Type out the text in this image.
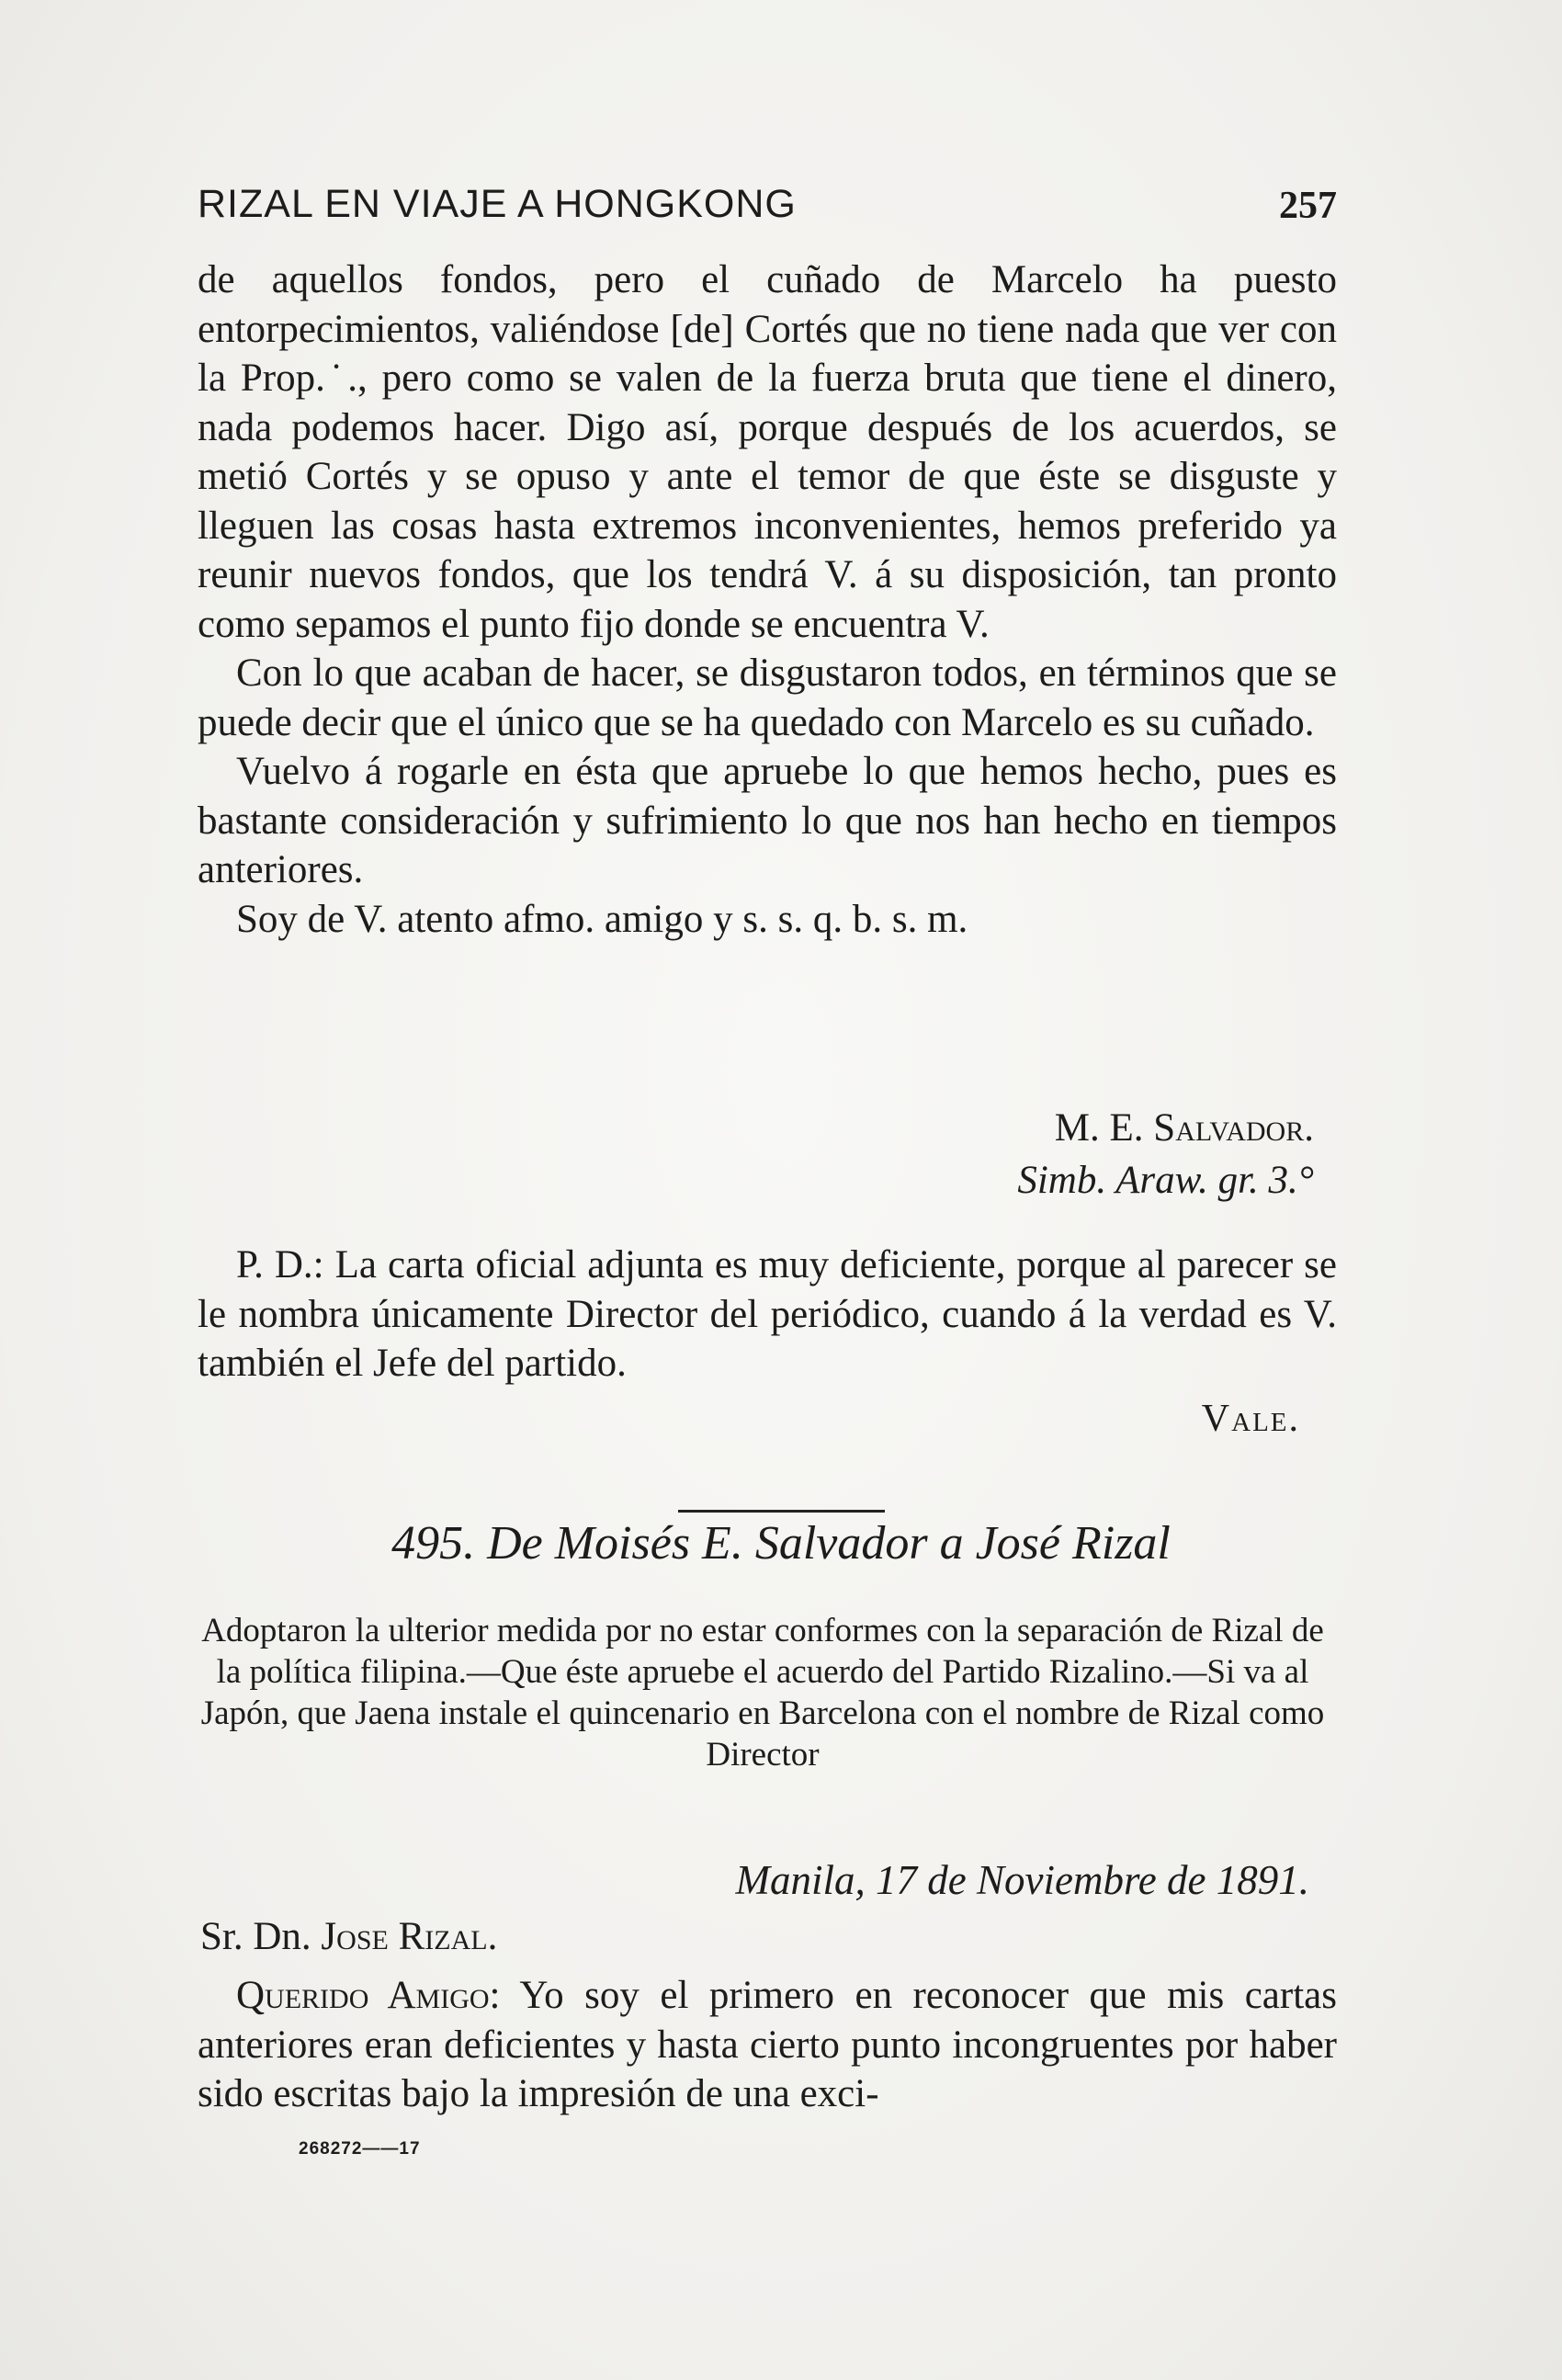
RIZAL EN VIAJE A HONGKONG	257

de aquellos fondos, pero el cuñado de Marcelo ha puesto entorpecimientos, valiéndose [de] Cortés que no tiene nada que ver con la Prop.˙., pero como se valen de la fuerza bruta que tiene el dinero, nada podemos hacer. Digo así, porque después de los acuerdos, se metió Cortés y se opuso y ante el temor de que éste se disguste y lleguen las cosas hasta extremos inconvenientes, hemos preferido ya reunir nuevos fondos, que los tendrá V. á su disposición, tan pronto como sepamos el punto fijo donde se encuentra V.

Con lo que acaban de hacer, se disgustaron todos, en términos que se puede decir que el único que se ha quedado con Marcelo es su cuñado.

Vuelvo á rogarle en ésta que apruebe lo que hemos hecho, pues es bastante consideración y sufrimiento lo que nos han hecho en tiempos anteriores.

Soy de V. atento afmo. amigo y s. s. q. b. s. m.

M. E. Salvador.
Simb. Araw. gr. 3.°

P. D.: La carta oficial adjunta es muy deficiente, porque al parecer se le nombra únicamente Director del periódico, cuando á la verdad es V. también el Jefe del partido.

Vale.
495. De Moisés E. Salvador a José Rizal
Adoptaron la ulterior medida por no estar conformes con la separación de Rizal de la política filipina.—Que éste apruebe el acuerdo del Partido Rizalino.—Si va al Japón, que Jaena instale el quincenario en Barcelona con el nombre de Rizal como Director
Manila, 17 de Noviembre de 1891.
Sr. Dn. Jose Rizal.

Querido Amigo: Yo soy el primero en reconocer que mis cartas anteriores eran deficientes y hasta cierto punto incongruentes por haber sido escritas bajo la impresión de una exci-

268272——17
